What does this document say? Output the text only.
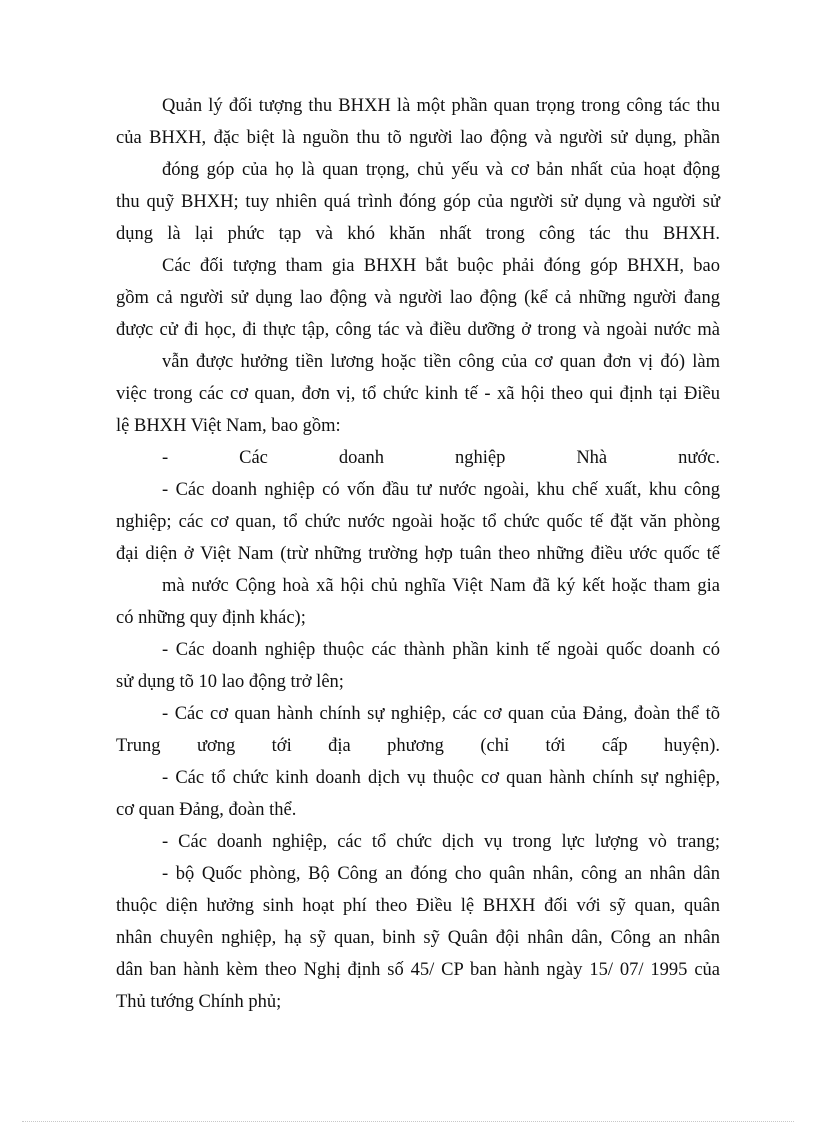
Quản lý đối tượng thu BHXH là một phần quan trọng trong công tác thu
của BHXH, đặc biệt là nguồn thu tõ người lao động và người sử dụng, phần
đóng góp của họ là quan trọng, chủ yếu và cơ bản nhất của hoạt động
thu quỹ BHXH; tuy nhiên quá trình đóng góp của người sử dụng và người sử
dụng là lại phức tạp và khó khăn nhất trong công tác thu BHXH.
Các đối tượng tham gia BHXH bắt buộc phải đóng góp BHXH, bao
gồm cả người sử dụng lao động và người lao động (kể cả những người đang
được cử đi học, đi thực tập, công tác và điều dưỡng ở trong và ngoài nước mà
vẫn được hưởng tiền lương hoặc tiền công của cơ quan đơn vị đó) làm
việc trong các cơ quan, đơn vị, tổ chức kinh tế - xã hội theo qui định tại Điều
lệ BHXH Việt Nam, bao gồm:
- Các doanh nghiệp Nhà nước.
- Các doanh nghiệp có vốn đầu tư nước ngoài, khu chế xuất, khu công
nghiệp; các cơ quan, tổ chức nước ngoài hoặc tổ chức quốc tế đặt văn phòng
đại diện ở Việt Nam (trừ những trường hợp tuân theo những điều ước quốc tế
mà nước Cộng hoà xã hội chủ nghĩa Việt Nam đã ký kết hoặc tham gia
có những quy định khác);
- Các doanh nghiệp thuộc các thành phần kinh tế ngoài quốc doanh có
sử dụng tõ 10 lao động trở lên;
- Các cơ quan hành chính sự nghiệp, các cơ quan của Đảng, đoàn thể tõ
Trung ương tới địa phương (chỉ tới cấp huyện).
- Các tổ chức kinh doanh dịch vụ thuộc cơ quan hành chính sự nghiệp,
cơ quan Đảng, đoàn thể.
- Các doanh nghiệp, các tổ chức dịch vụ trong lực lượng vò trang;
- bộ Quốc phòng, Bộ Công an đóng cho quân nhân, công an nhân dân
thuộc diện hưởng sinh hoạt phí theo Điều lệ BHXH đối với sỹ quan, quân
nhân chuyên nghiệp, hạ sỹ quan, binh sỹ Quân đội nhân dân, Công an nhân
dân ban hành kèm theo Nghị định số 45/ CP ban hành ngày 15/ 07/ 1995 của
Thủ tướng Chính phủ;
